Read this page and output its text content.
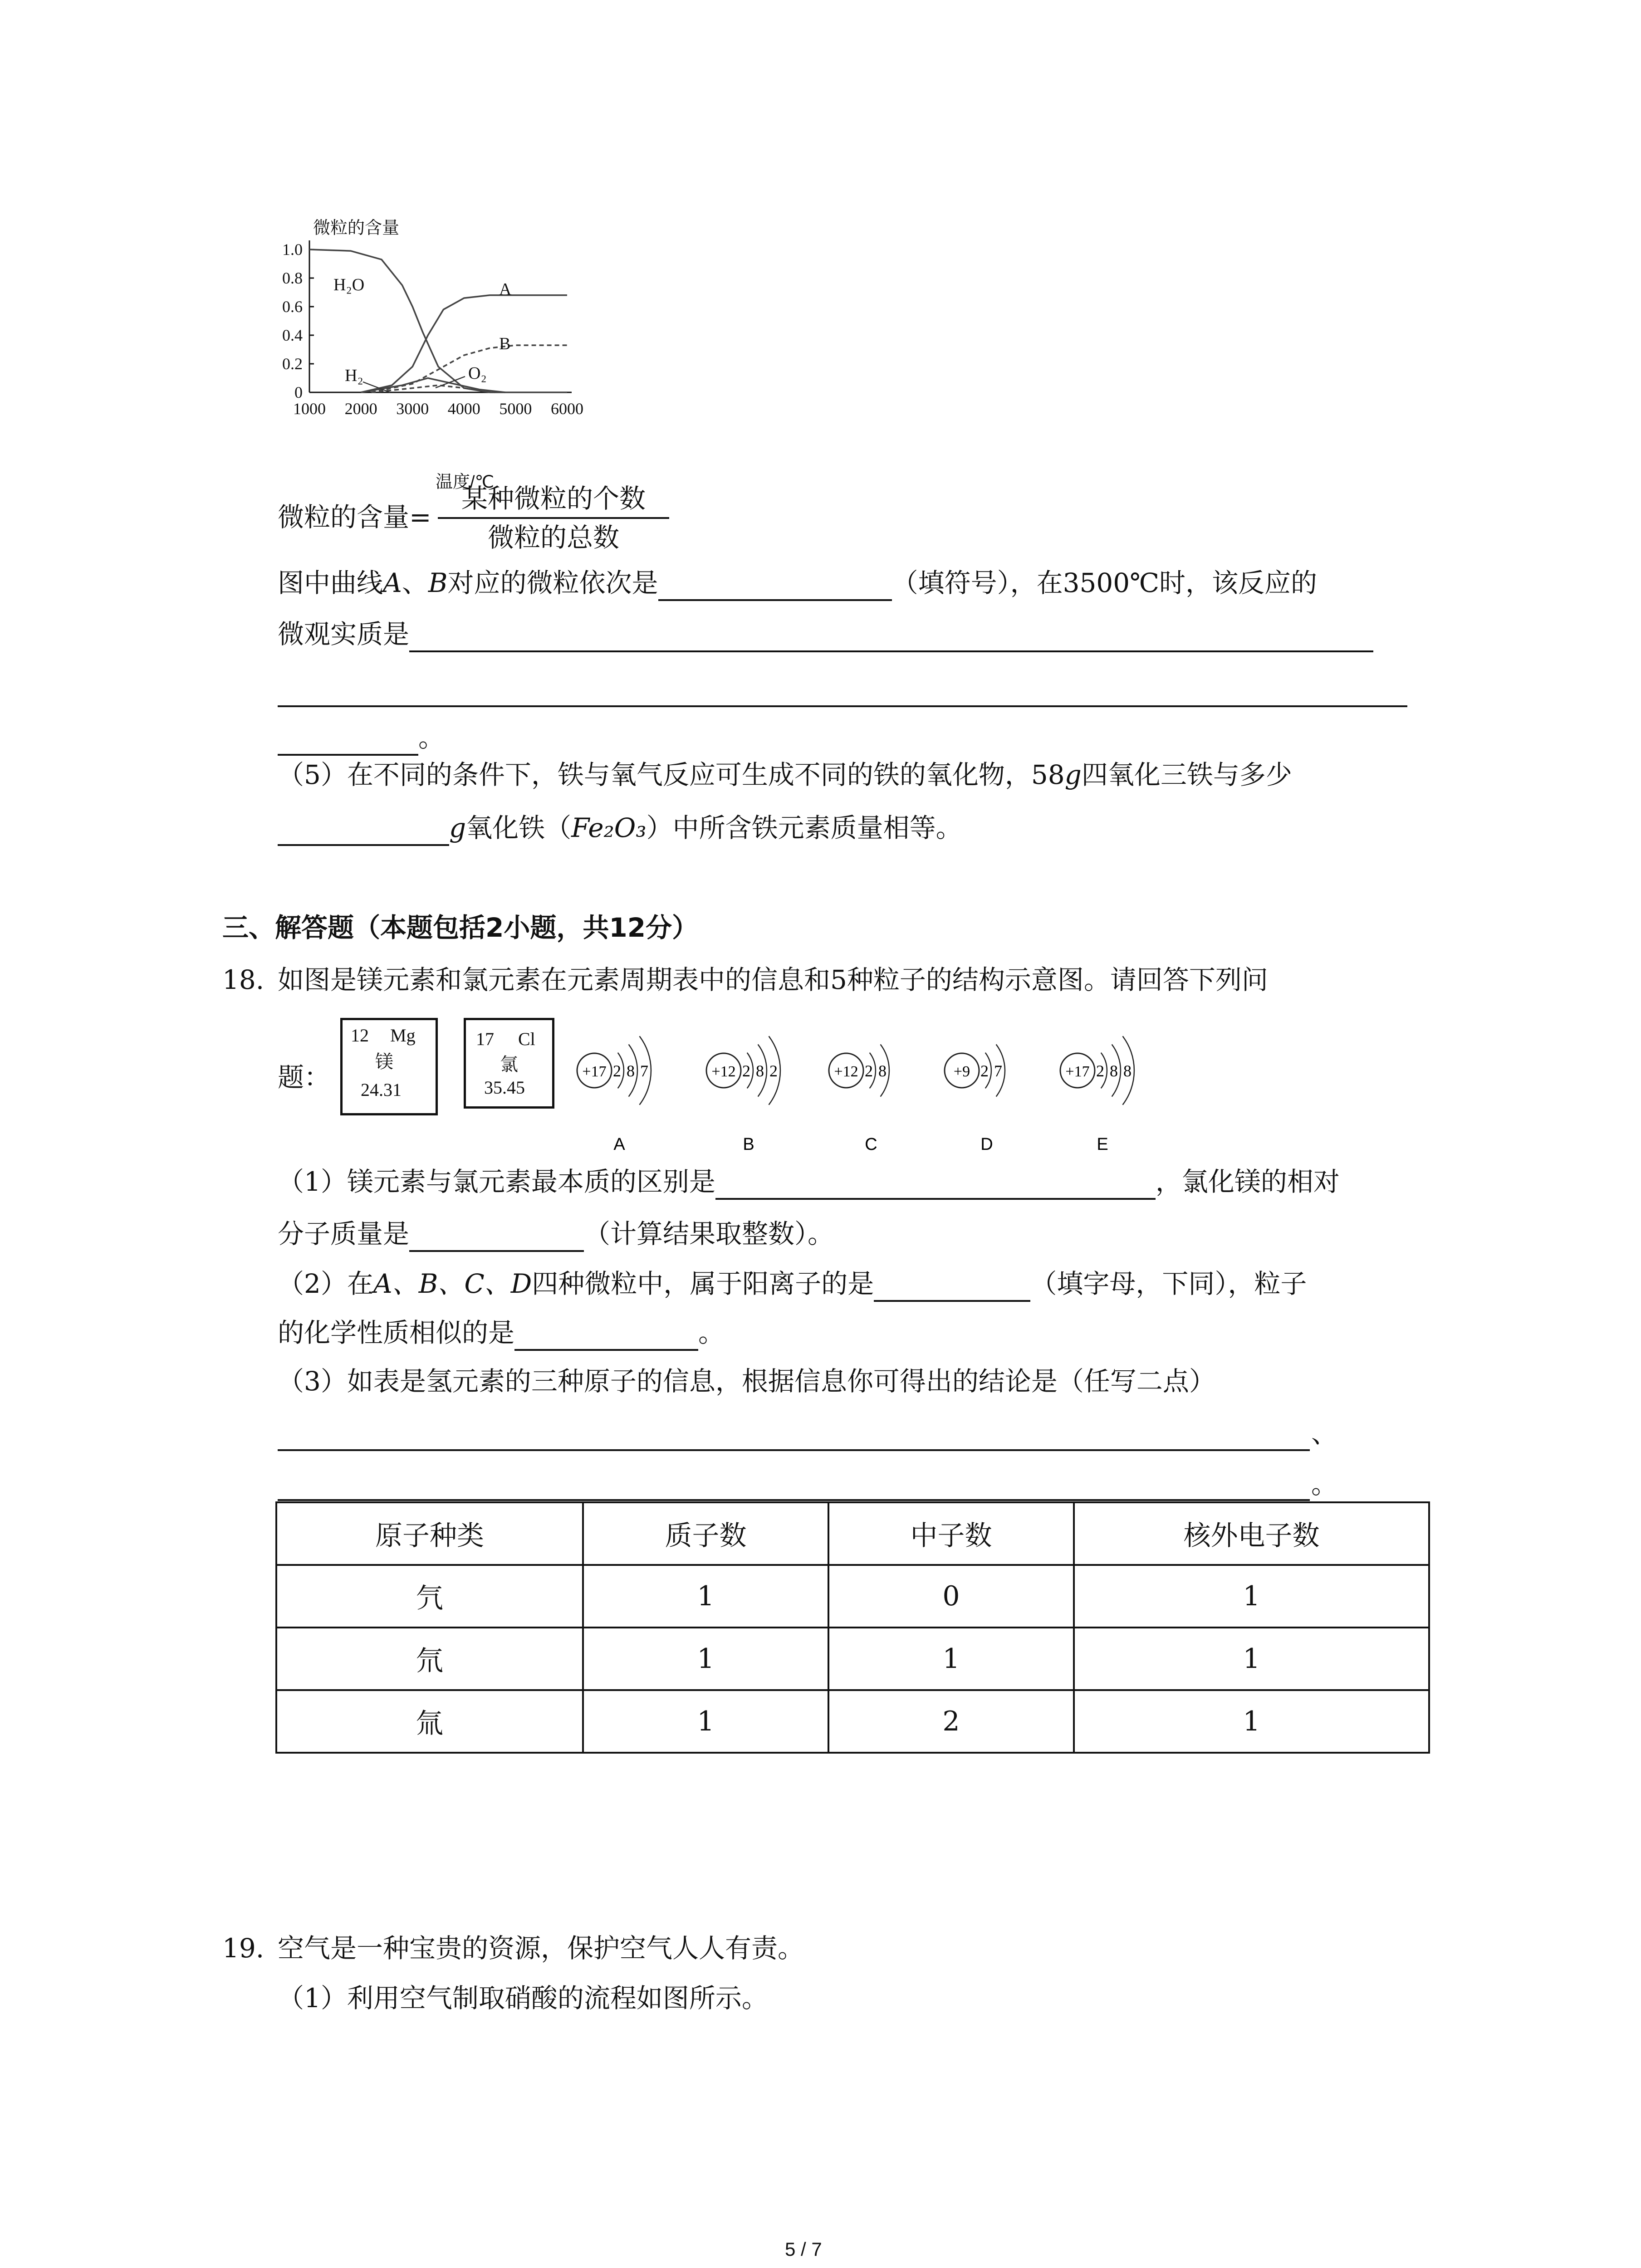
微粒的含量
温度/℃
1.0
0.8
0.6
0.4
0.2
0
1000 2000 3000 4000 5000 6000
H₂O	A
B
H₂	O₂
微粒的含量=
某种微粒的个数
微粒的总数
图中曲线A、B对应的微粒依次是	（填符号），在3500℃时，该反应的
微观实质是
。
（5）在不同的条件下，铁与氧气反应可生成不同的铁的氧化物，58g四氧化三铁与多少
g氧化铁（Fe₂O₃）中所含铁元素质量相等。
三、解答题（本题包括2小题，共12分）
18. 如图是镁元素和氯元素在元素周期表中的信息和5种粒子的结构示意图。请回答下列问
题：
12 Mg
镁
24.31
17 Cl
氯
35.45
+17 2 8 7
A
+12 2 8 2
B
+12 2 8
C
+9 2 7
D
+17 2 8 8
E
（1）镁元素与氯元素最本质的区别是	，氯化镁的相对
分子质量是	（计算结果取整数）。
（2）在A、B、C、D四种微粒中，属于阳离子的是	（填字母，下同），粒子
的化学性质相似的是	。
（3）如表是氢元素的三种原子的信息，根据信息你可得出的结论是（任写二点）
、
。
原子种类	质子数	中子数	核外电子数
氕	1	0	1
氘	1	1	1
氚	1	2	1
19. 空气是一种宝贵的资源，保护空气人人有责。
（1）利用空气制取硝酸的流程如图所示。
5 / 7
